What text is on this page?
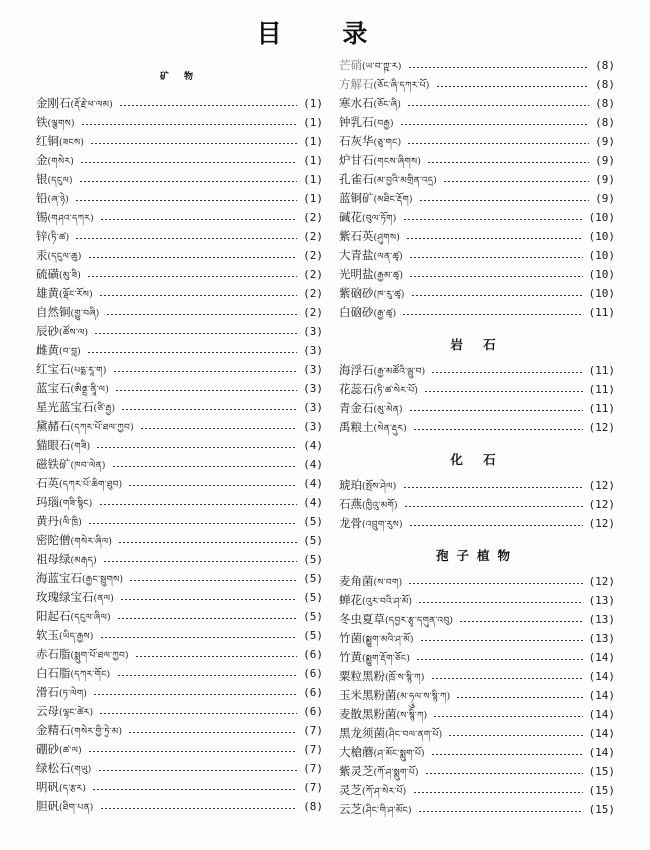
目 录
矿 物
金刚石 (རྡོ་རྗེ་ཕ་ལམ)	(1)
铁 (ལྕགས)	(1)
红铜 (ཟངས)	(1)
金 (གསེར)	(1)
银 (དངུལ)	(1)
铅 (ཞ་ཉེ)	(1)
锡 (གཤའ་དཀར)	(2)
锌 (ཏི་ཚ)	(2)
汞 (དངུལ་ཆུ)	(2)
硫磺 (མུ་ཟི)	(2)
雄黄 (ལྡོང་རོས)	(2)
自然铜 (གྱུ་བཞི)	(2)
辰砂 (ཚོས་ལ)	(3)
雌黄 (བ་བླ)	(3)
红宝石 (པདྨ་རཱ་ག)	(3)
蓝宝石 (ཨིནྡྲ་ནཱི་ལ)	(3)
星光蓝宝石 (ཙི་རྦྱ)	(3)
黛赭石 (དཀར་པོ་ཐལ་ཀྱབ)	(3)
猫眼石 (གཟི)	(4)
磁铁矿 (ཁབ་ལེན)	(4)
石英 (དཀར་པོ་ཆིག་ཐུབ)	(4)
玛瑙 (གཟི་སྙིང)	(4)
黄丹 (ལི་ཁྲི)	(5)
密陀僧 (གསེར་ཞིལ)	(5)
祖母绿 (མརྒད)	(5)
海蓝宝石 (རྒྱང་སྦུགས)	(5)
玫瑰绿宝石 (ནལ)	(5)
阳起石 (དངུལ་ཞིལ)	(5)
软玉 (ཡིད་རྒྱས)	(5)
赤石脂 (སྨུག་པོ་ཐལ་ཀྱབ)	(6)
白石脂 (དཀར་གོང)	(6)
滑石 (ཏ་ལེག)	(6)
云母 (ལྷང་ཚེར)	(6)
金精石 (གསེར་གྱི་ཏྲེ་མ)	(7)
硼砂 (ཚ་ལ)	(7)
绿松石 (གཡུ)	(7)
明矾 (ད་རྩར)	(7)
胆矾 (ཐིག་པན)	(8)
芒硝 (ཡ་བ་ཀྵ་ར)	(8)
方解石 (ཅོང་ཞི་དཀར་པོ)	(8)
寒水石 (ཅོང་ཞི)	(8)
钟乳石 (བརྒྱ)	(8)
石灰华 (ཅུ་གང)	(9)
炉甘石 (གངས་ཞིགས)	(9)
孔雀石 (མ་བྱའི་མགྲིན་འདྲ)	(9)
蓝铜矿 (མཐིང་རྡོག)	(9)
碱花 (བུལ་ཏོག)	(10)
紫石英 (ཤུགས)	(10)
大青盐 (ལན་ཚྭ)	(10)
光明盐 (རྒྱམ་ཚྭ)	(10)
紫硇砂 (ཁ་རུ་ཚྭ)	(10)
白硇砂 (རྒྱ་ཚྭ)	(11)
岩 石
海浮石 (རྒྱ་མཚོའི་ལྦུ་བ)	(11)
花蕊石 (ཏི་ཚ་སེར་པོ)	(11)
青金石 (མུ་མེན)	(11)
禹粮土 (སེན་རྡུར)	(12)
化 石
琥珀 (སྤོས་ཤེལ)	(12)
石燕 (ཁྱིའུ་མགོ)	(12)
龙骨 (འབྲུག་རུས)	(12)
孢子植物
麦角菌 (ས་བག)	(12)
蝉花 (འུར་བའི་ཤ་མོ)	(13)
冬虫夏草 (དབྱར་རྩྭ་དགུན་འབུ)	(13)
竹菌 (སྨྱུག་མའི་ཤ་མོ)	(13)
竹黄 (སྨྱུག་རྡོག་ཅོང)	(14)
粟粒黑粉 (ཁྲོ་ས་སྙི་ཀ)	(14)
玉米黑粉菌 (མ་ཧྭུལ་ས་སྙི་ཀ)	(14)
麦散黑粉菌 (ས་སྙི་ཀ)	(14)
黑龙须菌 (ཤིང་བལ་ནག་པོ)	(14)
大槍蘑 (ཤ་མོང་སྨུག་པོ)	(14)
紫灵芝 (ཀོ་ཤ་སྨུག་པོ)	(15)
灵芝 (ཀོ་ཤ་སེར་པོ)	(15)
云芝 (ཤིང་གི་ཤ་མོང)	(15)
